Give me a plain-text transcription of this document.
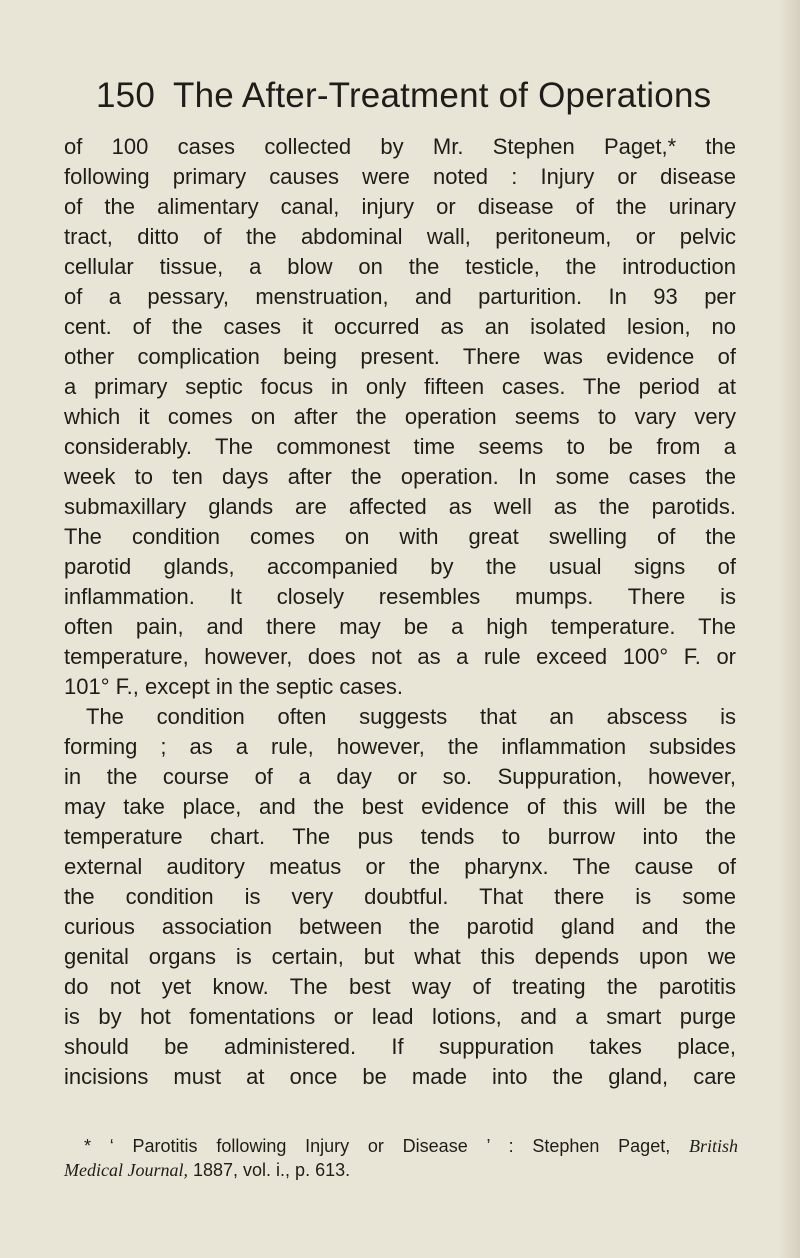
150 The After-Treatment of Operations
of 100 cases collected by Mr. Stephen Paget,* the
following primary causes were noted : Injury or disease
of the alimentary canal, injury or disease of the urinary
tract, ditto of the abdominal wall, peritoneum, or pelvic
cellular tissue, a blow on the testicle, the introduction
of a pessary, menstruation, and parturition. In 93 per
cent. of the cases it occurred as an isolated lesion, no
other complication being present. There was evidence of
a primary septic focus in only fifteen cases. The period at
which it comes on after the operation seems to vary very
considerably. The commonest time seems to be from a
week to ten days after the operation. In some cases the
submaxillary glands are affected as well as the parotids.
The condition comes on with great swelling of the
parotid glands, accompanied by the usual signs of
inflammation. It closely resembles mumps. There is
often pain, and there may be a high temperature. The
temperature, however, does not as a rule exceed 100° F. or
101° F., except in the septic cases.
The condition often suggests that an abscess is
forming ; as a rule, however, the inflammation subsides
in the course of a day or so. Suppuration, however,
may take place, and the best evidence of this will be the
temperature chart. The pus tends to burrow into the
external auditory meatus or the pharynx. The cause of
the condition is very doubtful. That there is some
curious association between the parotid gland and the
genital organs is certain, but what this depends upon we
do not yet know. The best way of treating the parotitis
is by hot fomentations or lead lotions, and a smart purge
should be administered. If suppuration takes place,
incisions must at once be made into the gland, care
* ‘ Parotitis following Injury or Disease ’ : Stephen Paget, British
Medical Journal, 1887, vol. i., p. 613.
